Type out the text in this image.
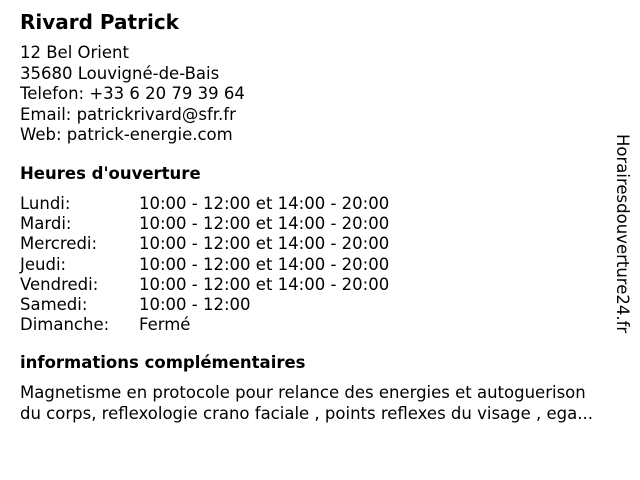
Rivard Patrick
12 Bel Orient
35680 Louvigné-de-Bais
Telefon: +33 6 20 79 39 64
Email: patrickrivard@sfr.fr
Web: patrick-energie.com
Heures d'ouverture
Lundi:	10:00 - 12:00 et 14:00 - 20:00
Mardi:	10:00 - 12:00 et 14:00 - 20:00
Mercredi:	10:00 - 12:00 et 14:00 - 20:00
Jeudi:	10:00 - 12:00 et 14:00 - 20:00
Vendredi: 10:00 - 12:00 et 14:00 - 20:00
Samedi:	10:00 - 12:00
Dimanche: Fermé
informations complémentaires
Magnetisme en protocole pour relance des energies et autoguerison
du corps, reflexologie crano faciale , points reflexes du visage , ega...
Horairesdouverture24.fr
